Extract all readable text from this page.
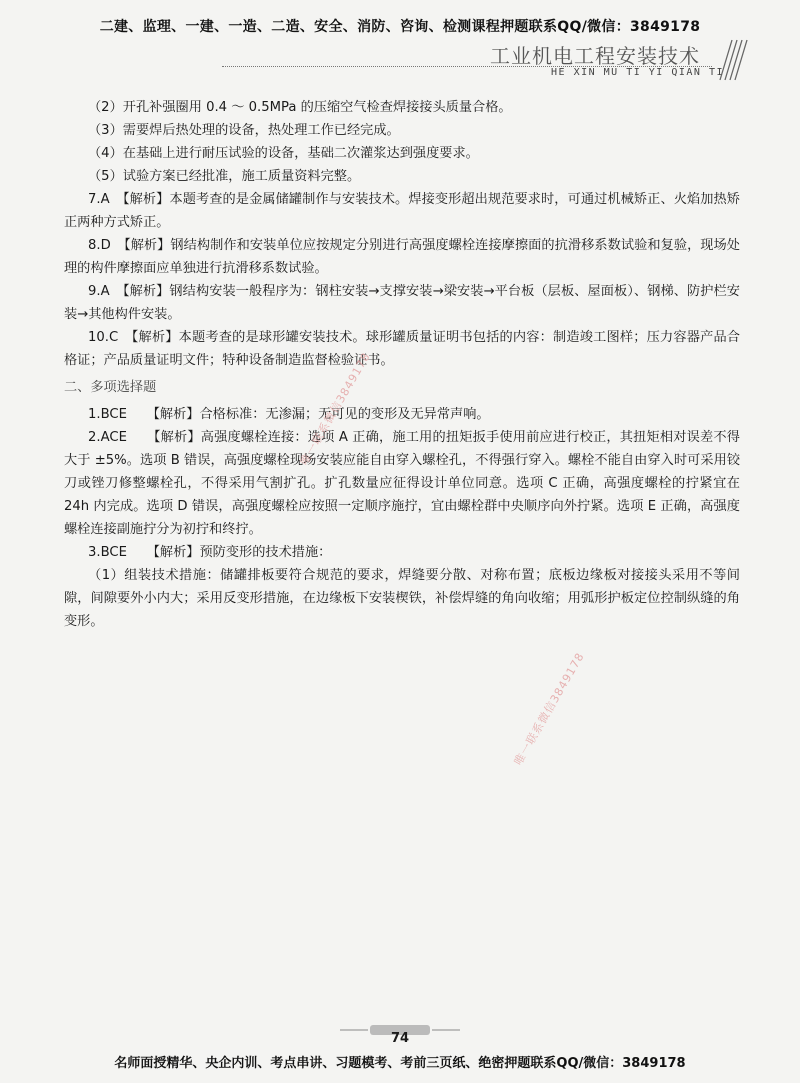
二建、监理、一建、一造、二造、安全、消防、咨询、检测课程押题联系QQ/微信：3849178
工业机电工程安装技术
HE XIN MU TI YI QIAN TI

（2）开孔补强圈用 0.4 ～ 0.5MPa 的压缩空气检查焊接接头质量合格。

（3）需要焊后热处理的设备，热处理工作已经完成。

（4）在基础上进行耐压试验的设备，基础二次灌浆达到强度要求。

（5）试验方案已经批准，施工质量资料完整。

7.A　【解析】本题考查的是金属储罐制作与安装技术。焊接变形超出规范要求时，可通过机械矫正、火焰加热矫正两种方式矫正。

8.D　【解析】钢结构制作和安装单位应按规定分别进行高强度螺栓连接摩擦面的抗滑移系数试验和复验，现场处理的构件摩擦面应单独进行抗滑移系数试验。

9.A　【解析】钢结构安装一般程序为：钢柱安装→支撑安装→梁安装→平台板（层板、屋面板）、钢梯、防护栏安装→其他构件安装。

10.C　【解析】本题考查的是球形罐安装技术。球形罐质量证明书包括的内容：制造竣工图样；压力容器产品合格证；产品质量证明文件；特种设备制造监督检验证书。

二、多项选择题

1.BCE　　【解析】合格标准：无渗漏；无可见的变形及无异常声响。

2.ACE　　【解析】高强度螺栓连接：选项 A 正确，施工用的扭矩扳手使用前应进行校正，其扭矩相对误差不得大于 ±5%。选项 B 错误，高强度螺栓现场安装应能自由穿入螺栓孔，不得强行穿入。螺栓不能自由穿入时可采用铰刀或锉刀修整螺栓孔，不得采用气割扩孔。扩孔数量应征得设计单位同意。选项 C 正确，高强度螺栓的拧紧宜在 24h 内完成。选项 D 错误，高强度螺栓应按照一定顺序施拧，宜由螺栓群中央顺序向外拧紧。选项 E 正确，高强度螺栓连接副施拧分为初拧和终拧。

3.BCE　　【解析】预防变形的技术措施：

（1）组装技术措施：储罐排板要符合规范的要求，焊缝要分散、对称布置；底板边缘板对接接头采用不等间隙，间隙要外小内大；采用反变形措施，在边缘板下安装楔铁，补偿焊缝的角向收缩；用弧形护板定位控制纵缝的角变形。

唯一联系微信3849178
唯一联系微信3849178
74
名师面授精华、央企内训、考点串讲、习题模考、考前三页纸、绝密押题联系QQ/微信：3849178
